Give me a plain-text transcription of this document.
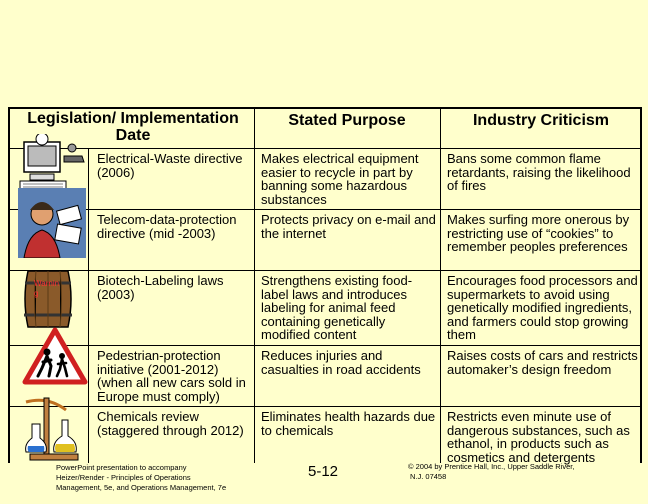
Legislation/ Implementation Date
Stated Purpose	Industry Criticism
Electrical-Waste directive (2006)
Makes electrical equipment easier to recycle in part by banning some hazardous substances
Bans some common flame retardants, raising the likelihood of fires
Telecom-data-protection directive (mid -2003)
Protects privacy on e-mail and the internet
Makes surfing more onerous by restricting use of “cookies” to remember peoples preferences
Biotech-Labeling laws (2003)
Strengthens existing food-label laws and introduces labeling for animal feed containing genetically modified content
Encourages food processors and supermarkets to avoid using genetically modified ingredients, and farmers could stop growing them
Pedestrian-protection initiative (2001-2012) (when all new cars sold in Europe must comply)
Reduces injuries and casualties in road accidents
Raises costs of cars and restricts automaker’s design freedom
Chemicals review (staggered through 2012)
Eliminates health hazards due to chemicals
Restricts even minute use of dangerous substances, such as ethanol, in products such as cosmetics and detergents
Warnin g
PowerPoint presentation to accompany
Heizer/Render - Principles of Operations
Management, 5e, and Operations Management, 7e
5-12	© 2004 by Prentice Hall, Inc., Upper Saddle River,
N.J. 07458
